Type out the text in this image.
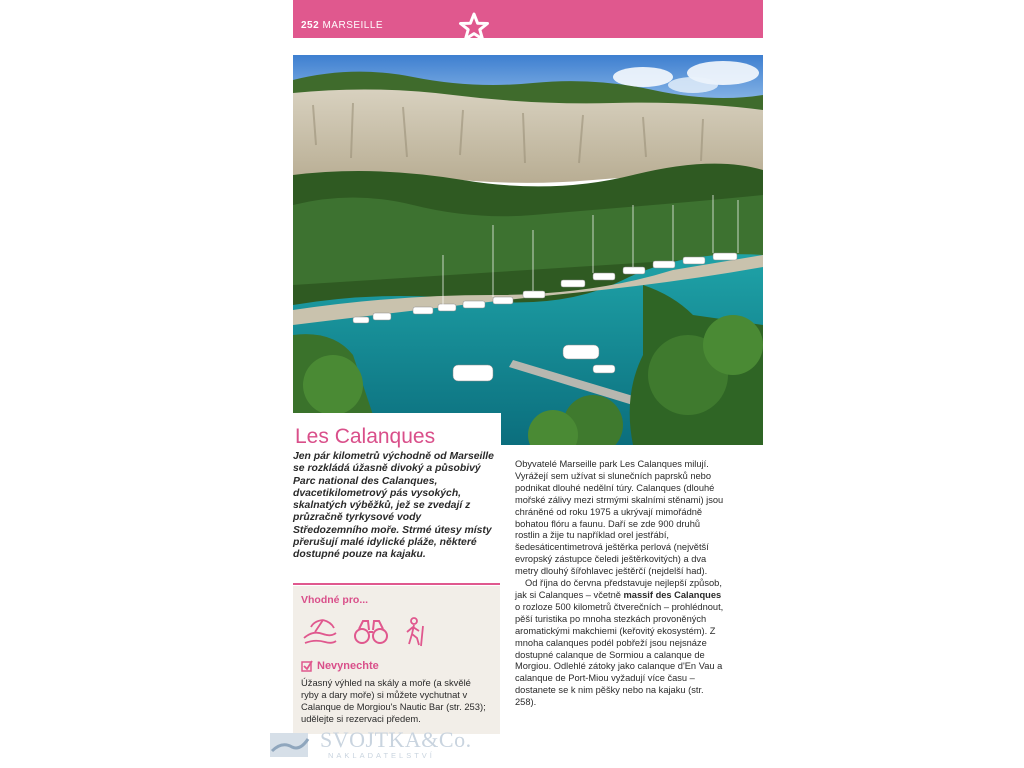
252 MARSEILLE
Les Calanques
Jen pár kilometrů východně od Marseille se rozkládá úžasně divoký a působivý Parc national des Calanques, dvacetikilometrový pás vysokých, skalnatých výběžků, jež se zvedají z průzračně tyrkysové vody Středozemního moře. Strmé útesy místy přerušují malé idylické pláže, některé dostupné pouze na kajaku.
Vhodné pro...
Nevynechte
Úžasný výhled na skály a moře (a skvělé ryby a dary moře) si můžete vychutnat v Calanque de Morgiou's Nautic Bar (str. 253); udělejte si rezervaci předem.

Obyvatelé Marseille park Les Calanques milují. Vyrážejí sem užívat si slunečních paprsků nebo podnikat dlouhé nedělní túry. Calanques (dlouhé mořské zálivy mezi strmými skalními stěnami) jsou chráněné od roku 1975 a ukrývají mimořádně bohatou flóru a faunu. Daří se zde 900 druhů rostlin a žije tu například orel jestřábí, šedesáticentimetrová ještěrka perlová (největší evropský zástupce čeledi ještěrkovitých) a dva metry dlouhý šířohlavec ještěrčí (nejdelší had).

Od října do června představuje nejlepší způsob, jak si Calanques – včetně massif des Calanques o rozloze 500 kilometrů čtverečních – prohlédnout, pěší turistika po mnoha stezkách provoněných aromatickými makchiemi (keřovitý ekosystém). Z mnoha calanques podél pobřeží jsou nejsnáze dostupné calanque de Sormiou a calanque de Morgiou. Odlehlé zátoky jako calanque d'En Vau a calanque de Port-Miou vyžadují více času – dostanete se k nim pěšky nebo na kajaku (str. 258).

SVOJTKA&Co.
NAKLADATELSTVÍ
